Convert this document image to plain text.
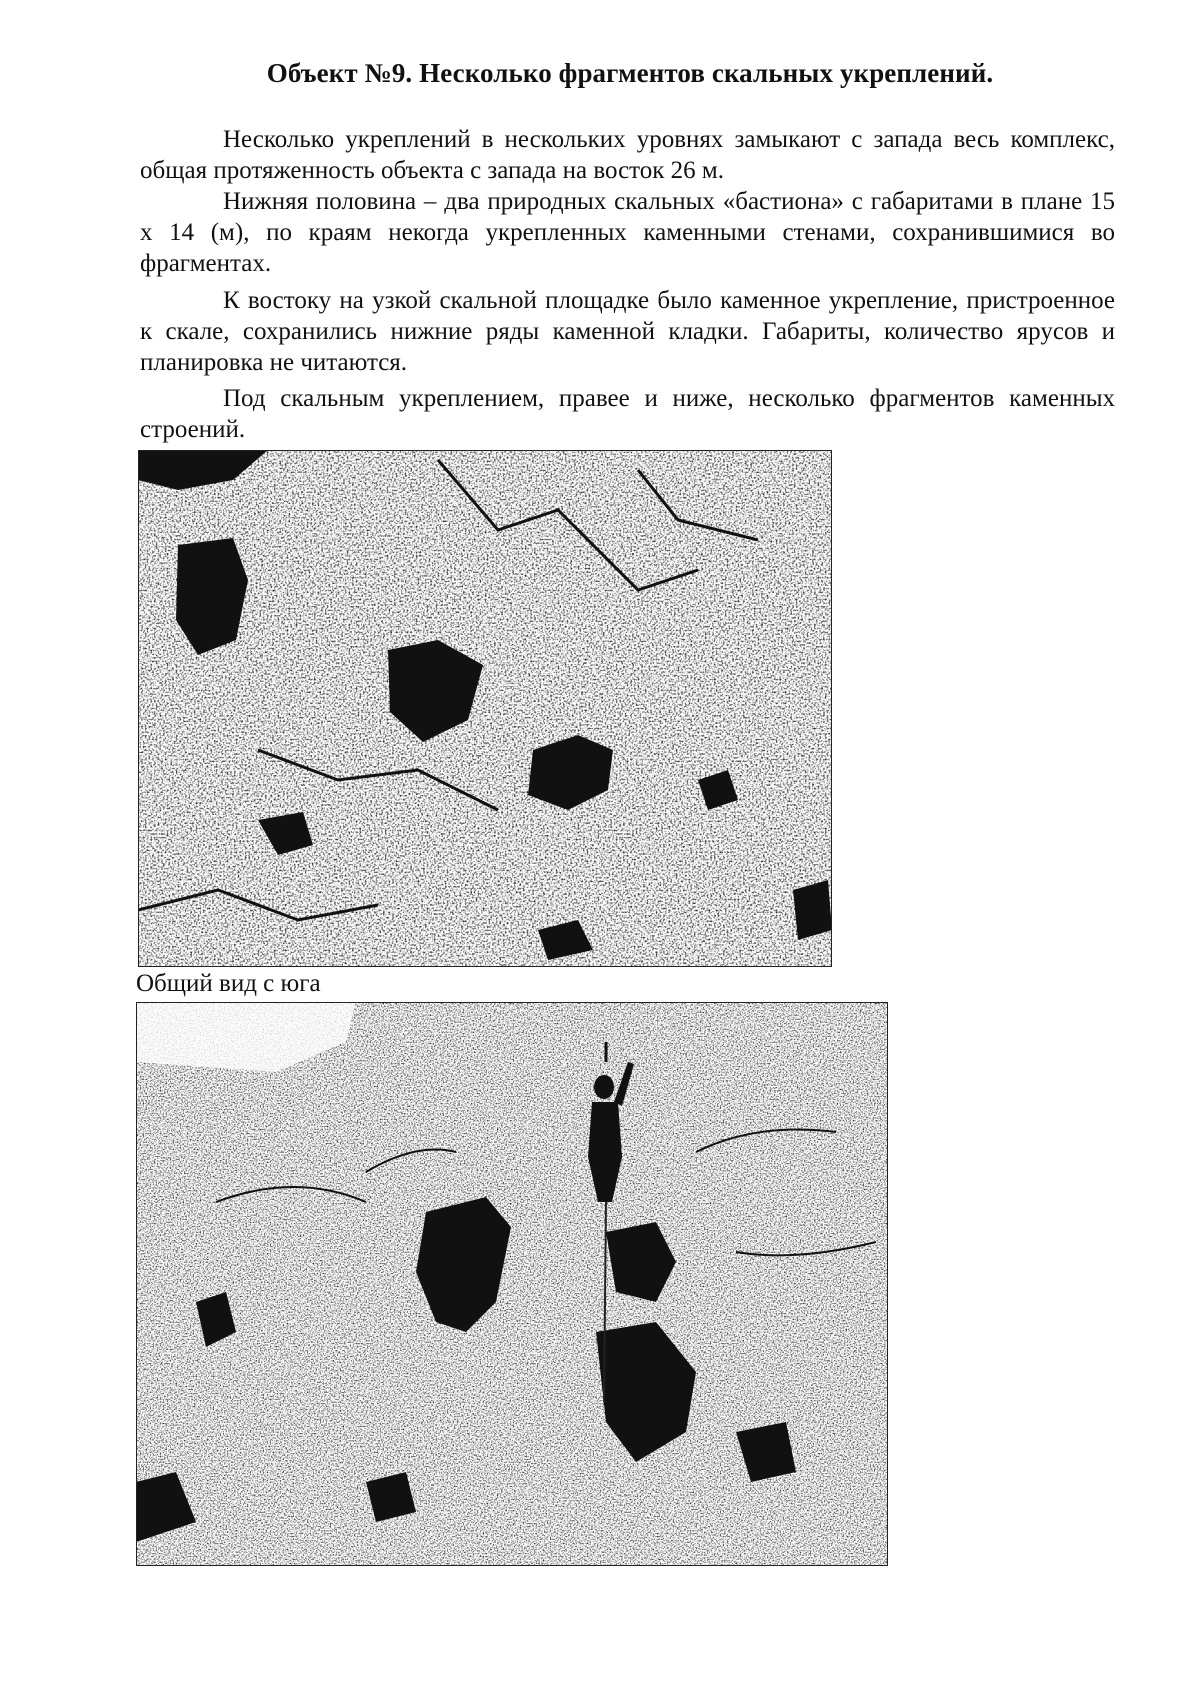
Объект №9. Несколько фрагментов скальных укреплений.

Несколько укреплений в нескольких уровнях замыкают с запада весь комплекс, общая протяженность объекта с запада на восток 26 м.

Нижняя половина – два природных скальных «бастиона» с габаритами в плане 15 х 14 (м), по краям некогда укрепленных каменными стенами, сохранившимися во фрагментах.

К востоку на узкой скальной площадке было каменное укрепление, пристроенное к скале, сохранились нижние ряды каменной кладки. Габариты, количество ярусов и планировка не читаются.

Под скальным укреплением, правее и ниже, несколько фрагментов каменных строений.

Общий вид с юга
